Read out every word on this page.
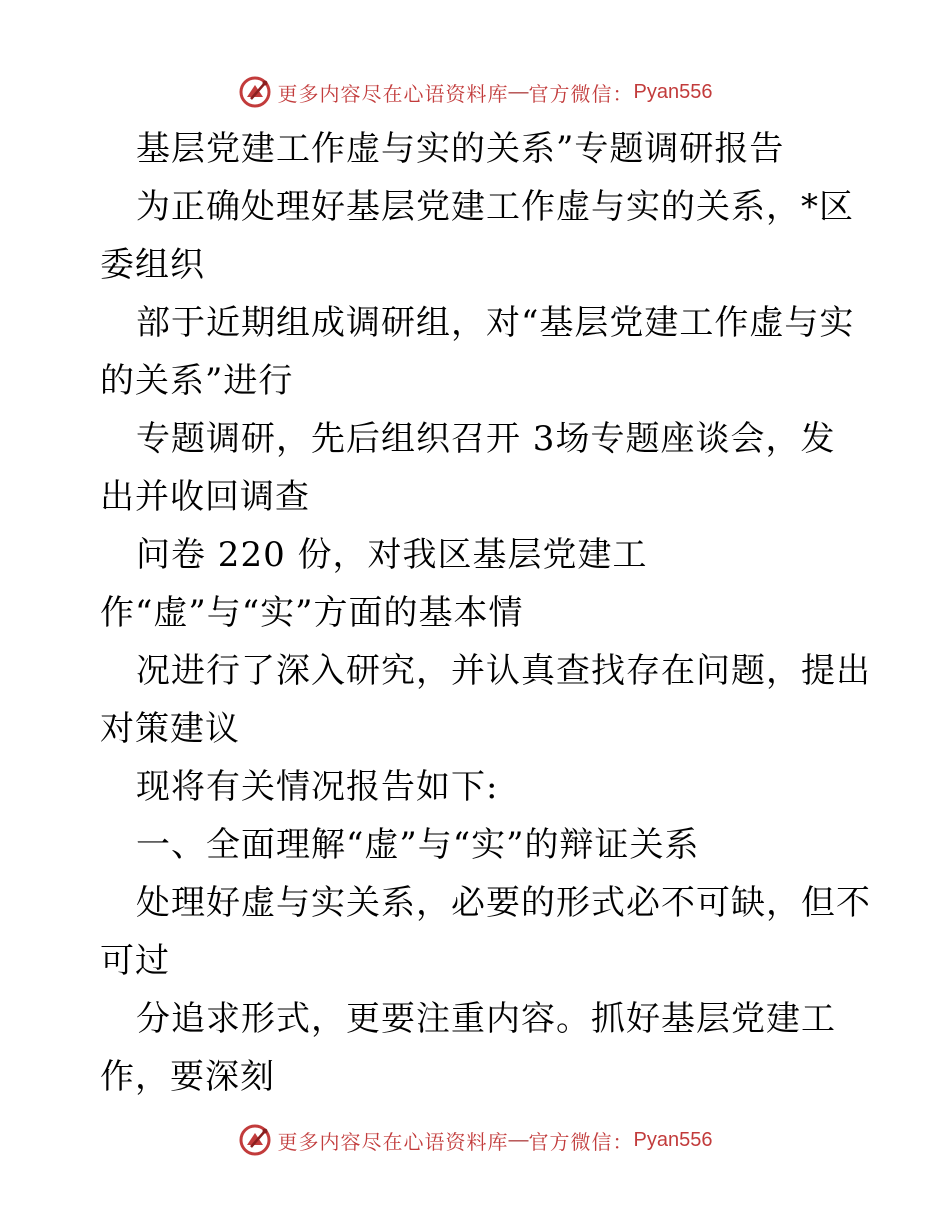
更多内容尽在心语资料库 — 官方微信： Pyan556
基层党建工作虚与实的关系”专题调研报告
为正确处理好基层党建工作虚与实的关系，*区
委组织
部于近期组成调研组，对“基层党建工作虚与实
的关系”进行
专题调研，先后组织召开 3场专题座谈会，发
出并收回调查
问卷 220 份，对我区基层党建工
作“虚”与“实”方面的基本情
况进行了深入研究，并认真查找存在问题，提出
对策建议
现将有关情况报告如下:
一、全面理解“虚”与“实”的辩证关系
处理好虚与实关系，必要的形式必不可缺，但不
可过
分追求形式，更要注重内容。抓好基层党建工
作，要深刻
更多内容尽在心语资料库 — 官方微信： Pyan556
